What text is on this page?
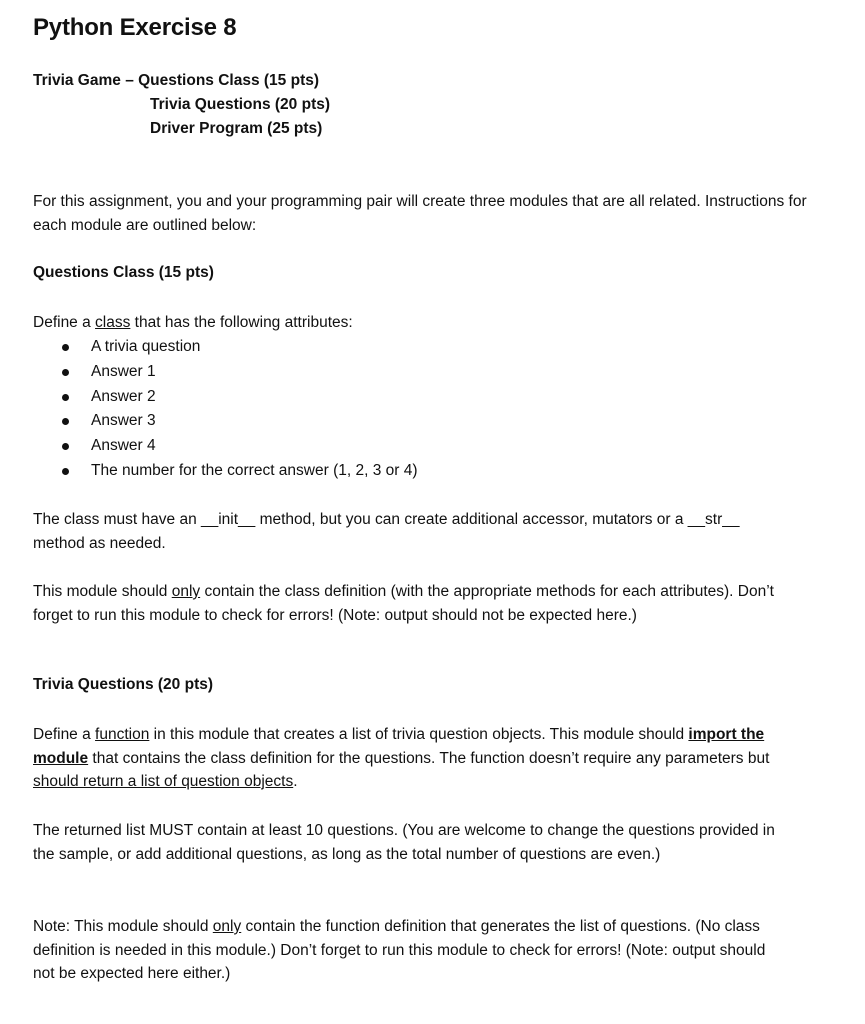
Python Exercise 8
Trivia Game – Questions Class (15 pts)
Trivia Questions (20 pts)
Driver Program (25 pts)
For this assignment, you and your programming pair will create three modules that are all related. Instructions for each module are outlined below:
Questions Class (15 pts)
Define a class that has the following attributes:
A trivia question
Answer 1
Answer 2
Answer 3
Answer 4
The number for the correct answer (1, 2, 3 or 4)
The class must have an __init__ method, but you can create additional accessor, mutators or a __str__ method as needed.
This module should only contain the class definition (with the appropriate methods for each attributes). Don’t forget to run this module to check for errors! (Note: output should not be expected here.)
Trivia Questions (20 pts)
Define a function in this module that creates a list of trivia question objects. This module should import the module that contains the class definition for the questions. The function doesn’t require any parameters but should return a list of question objects.
The returned list MUST contain at least 10 questions. (You are welcome to change the questions provided in the sample, or add additional questions, as long as the total number of questions are even.)
Note: This module should only contain the function definition that generates the list of questions. (No class definition is needed in this module.) Don’t forget to run this module to check for errors! (Note: output should not be expected here either.)
